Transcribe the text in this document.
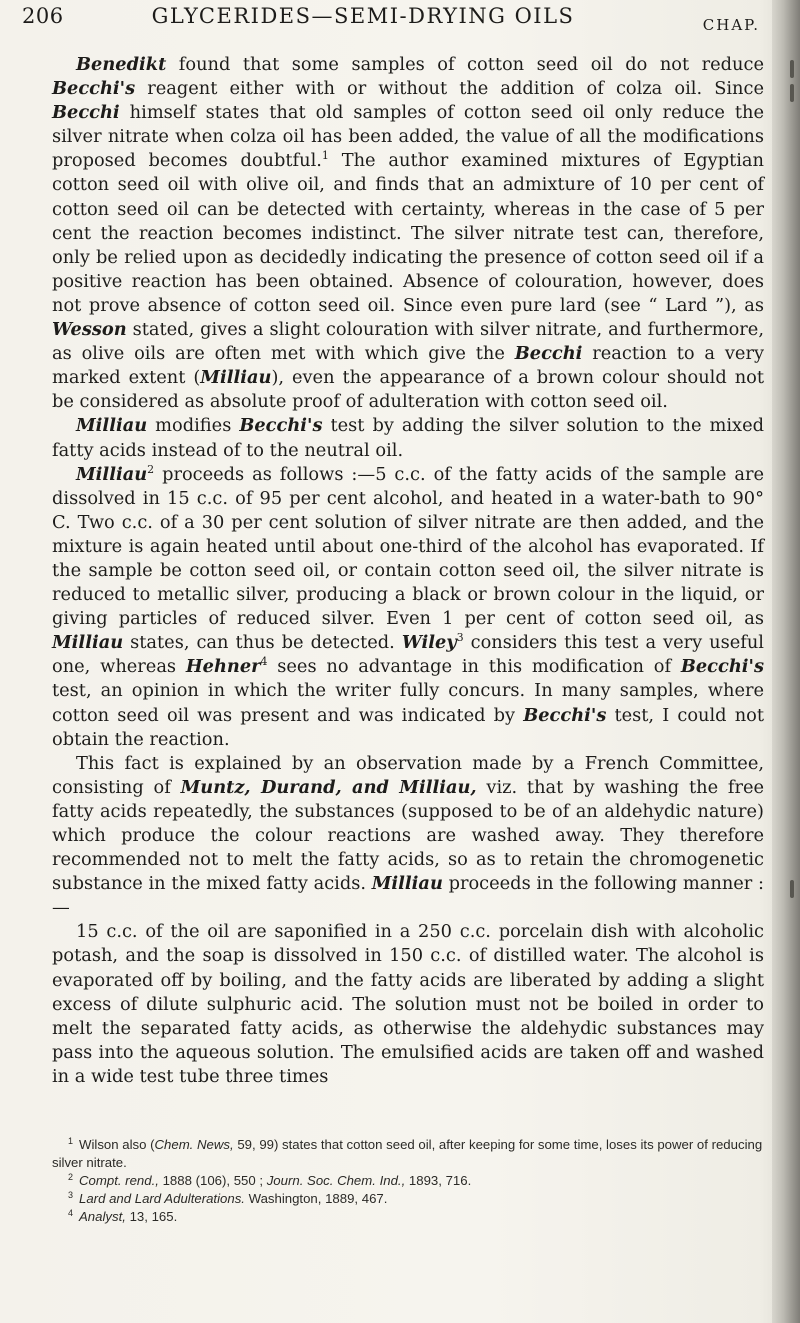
206	GLYCERIDES—SEMI-DRYING OILS	CHAP.

Benedikt found that some samples of cotton seed oil do not reduce Becchi's reagent either with or without the addition of colza oil. Since Becchi himself states that old samples of cotton seed oil only reduce the silver nitrate when colza oil has been added, the value of all the modifications proposed becomes doubtful.$^1$ The author examined mixtures of Egyptian cotton seed oil with olive oil, and finds that an admixture of 10 per cent of cotton seed oil can be detected with certainty, whereas in the case of 5 per cent the reaction becomes indistinct. The silver nitrate test can, therefore, only be relied upon as decidedly indicating the presence of cotton seed oil if a positive reaction has been obtained. Absence of colouration, however, does not prove absence of cotton seed oil. Since even pure lard (see “ Lard ”), as Wesson stated, gives a slight colouration with silver nitrate, and furthermore, as olive oils are often met with which give the Becchi reaction to a very marked extent (Milliau), even the appearance of a brown colour should not be considered as absolute proof of adulteration with cotton seed oil.

Milliau modifies Becchi's test by adding the silver solution to the mixed fatty acids instead of to the neutral oil.

Milliau$^2$ proceeds as follows :—5 c.c. of the fatty acids of the sample are dissolved in 15 c.c. of 95 per cent alcohol, and heated in a water-bath to 90° C. Two c.c. of a 30 per cent solution of silver nitrate are then added, and the mixture is again heated until about one-third of the alcohol has evaporated. If the sample be cotton seed oil, or contain cotton seed oil, the silver nitrate is reduced to metallic silver, producing a black or brown colour in the liquid, or giving particles of reduced silver. Even 1 per cent of cotton seed oil, as Milliau states, can thus be detected. Wiley$^3$ considers this test a very useful one, whereas Hehner$^4$ sees no advantage in this modification of Becchi's test, an opinion in which the writer fully concurs. In many samples, where cotton seed oil was present and was indicated by Becchi's test, I could not obtain the reaction.

This fact is explained by an observation made by a French Committee, consisting of Muntz, Durand, and Milliau, viz. that by washing the free fatty acids repeatedly, the substances (supposed to be of an aldehydic nature) which produce the colour reactions are washed away. They therefore recommended not to melt the fatty acids, so as to retain the chromogenetic substance in the mixed fatty acids. Milliau proceeds in the following manner :—

15 c.c. of the oil are saponified in a 250 c.c. porcelain dish with alcoholic potash, and the soap is dissolved in 150 c.c. of distilled water. The alcohol is evaporated off by boiling, and the fatty acids are liberated by adding a slight excess of dilute sulphuric acid. The solution must not be boiled in order to melt the separated fatty acids, as otherwise the aldehydic substances may pass into the aqueous solution. The emulsified acids are taken off and washed in a wide test tube three times

$^1$ Wilson also (Chem. News, 59, 99) states that cotton seed oil, after keeping for some time, loses its power of reducing silver nitrate.

$^2$ Compt. rend., 1888 (106), 550 ; Journ. Soc. Chem. Ind., 1893, 716.

$^3$ Lard and Lard Adulterations. Washington, 1889, 467.

$^4$ Analyst, 13, 165.
